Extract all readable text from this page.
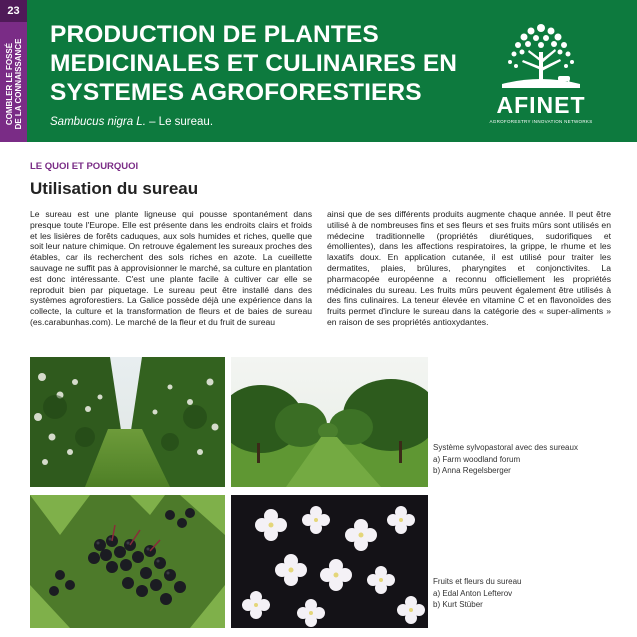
23
COMBLER LE FOSSÉ
DE LA CONNAISSANCE
PRODUCTION DE PLANTES
MEDICINALES ET CULINAIRES EN
SYSTEMES AGROFORESTIERS
Sambucus nigra L. – Le sureau.
AFINET
AGROFORESTRY INNOVATION NETWORKS
LE QUOI ET POURQUOI
Utilisation du sureau
Le sureau est une plante ligneuse qui pousse spontanément dans presque toute l'Europe. Elle est présente dans les endroits clairs et froids et les lisières de forêts caduques, aux sols humides et riches, quelle que soit leur nature chimique. On retrouve également les sureaux proches des étables, car ils recherchent des sols riches en azote. La cueillette sauvage ne suffit pas à approvisionner le marché, sa culture en plantation est donc intéressante. C'est une plante facile à cultiver car elle se reproduit bien par piquetage. Le sureau peut être installé dans des systèmes agroforestiers. La Galice possède déjà une expérience dans la collecte, la culture et la transformation de fleurs et de baies de sureau (es.carabunhas.com). Le marché de la fleur et du fruit de sureau
ainsi que de ses différents produits augmente chaque année. Il peut être utilisé à de nombreuses fins et ses fleurs et ses fruits mûrs sont utilisés en médecine traditionnelle (propriétés diurétiques, sudorifiques et émollientes), dans les affections respiratoires, la grippe, le rhume et les laxatifs doux. En application cutanée, il est utilisé pour traiter les dermatites, plaies, brûlures, pharyngites et conjonctivites. La pharmacopée européenne a reconnu officiellement les propriétés médicinales du sureau. Les fruits mûrs peuvent également être utilisés à des fins culinaires. La teneur élevée en vitamine C et en flavonoïdes des fruits permet d'inclure le sureau dans la catégorie des « super-aliments » en raison de ses propriétés antioxydantes.
Système sylvopastoral avec des sureaux
a) Farm woodland forum
b) Anna Regelsberger
Fruits et fleurs du sureau
a) Edal Anton Lefterov
b) Kurt Stüber
